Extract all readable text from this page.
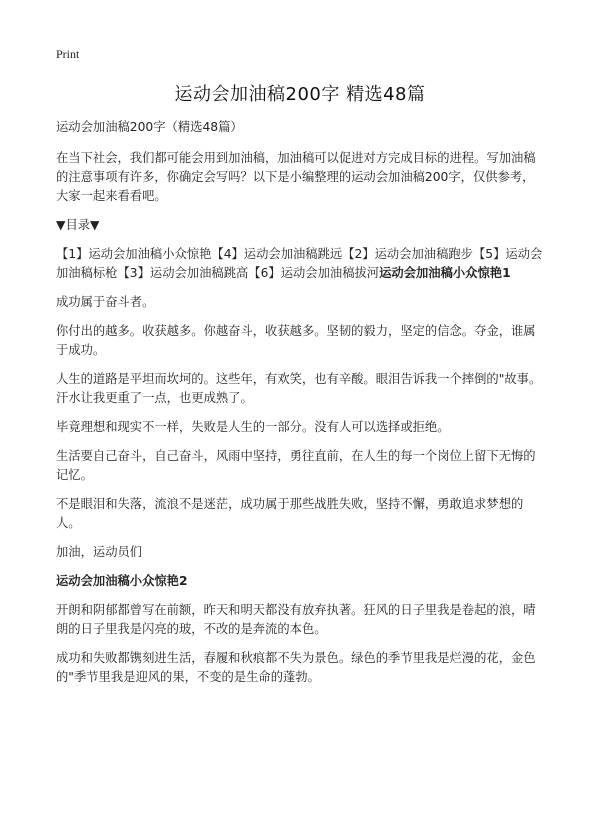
Print
运动会加油稿200字 精选48篇

运动会加油稿200字（精选48篇）

在当下社会，我们都可能会用到加油稿，加油稿可以促进对方完成目标的进程。写加油稿的注意事项有许多，你确定会写吗？以下是小编整理的运动会加油稿200字，仅供参考，大家一起来看看吧。

▼目录▼

【1】运动会加油稿小众惊艳【4】运动会加油稿跳远【2】运动会加油稿跑步【5】运动会加油稿标枪【3】运动会加油稿跳高【6】运动会加油稿拔河运动会加油稿小众惊艳1

成功属于奋斗者。

你付出的越多。收获越多。你越奋斗，收获越多。坚韧的毅力，坚定的信念。夺金，谁属于成功。

人生的道路是平坦而坎坷的。这些年，有欢笑，也有辛酸。眼泪告诉我一个摔倒的"故事。汗水让我更重了一点，也更成熟了。

毕竟理想和现实不一样，失败是人生的一部分。没有人可以选择或拒绝。

生活要自己奋斗，自己奋斗，风雨中坚持，勇往直前，在人生的每一个岗位上留下无悔的记忆。

不是眼泪和失落，流浪不是迷茫，成功属于那些战胜失败，坚持不懈，勇敢追求梦想的人。

加油，运动员们

运动会加油稿小众惊艳2

开朗和阴郁都曾写在前额，昨天和明天都没有放弃执著。狂风的日子里我是卷起的浪，晴朗的日子里我是闪亮的玻，不改的是奔流的本色。

成功和失败都镌刻进生活，春履和秋痕都不失为景色。绿色的季节里我是烂漫的花，金色的"季节里我是迎风的果，不变的是生命的蓬勃。
